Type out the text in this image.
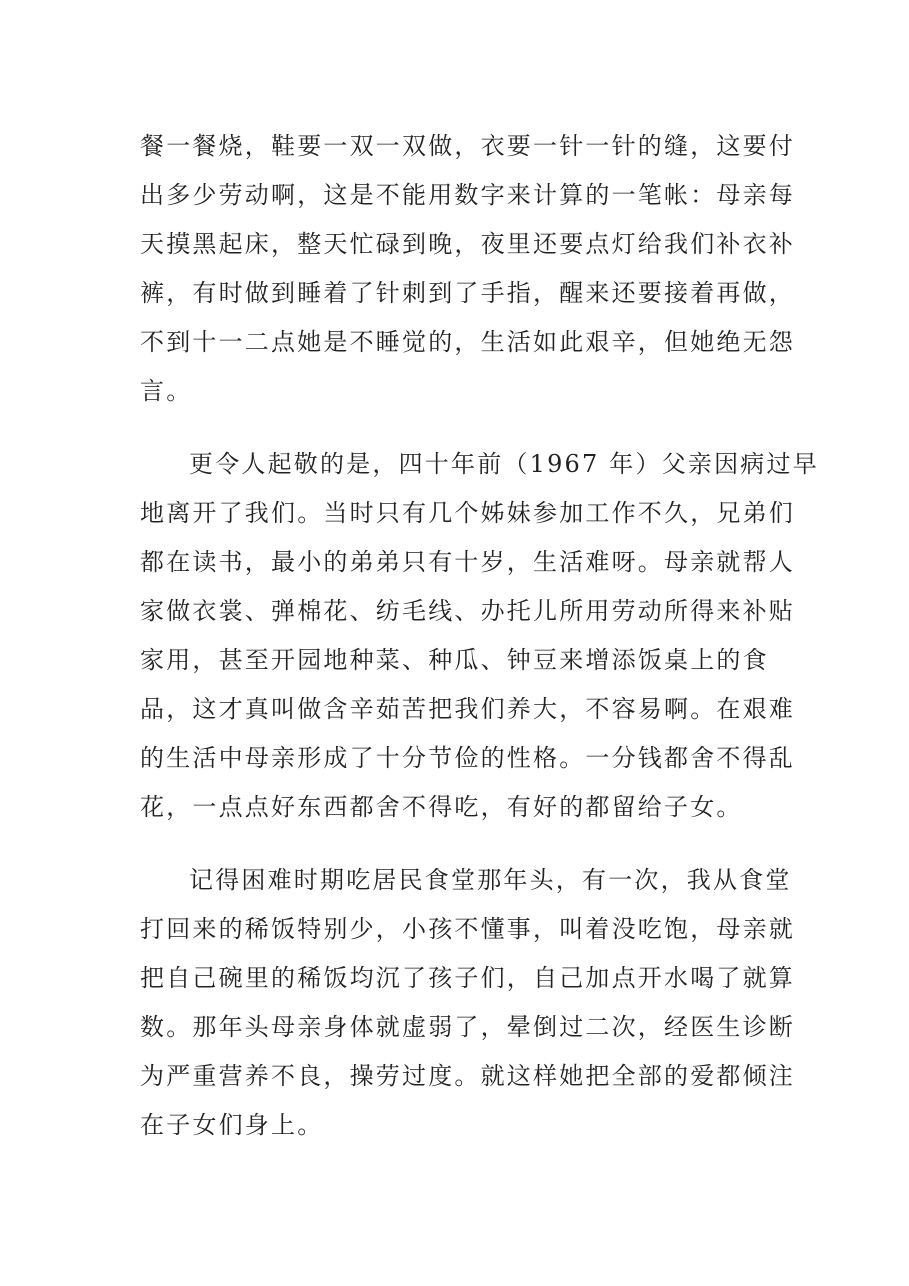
餐一餐烧，鞋要一双一双做，衣要一针一针的缝，这要付
出多少劳动啊，这是不能用数字来计算的一笔帐：母亲每
天摸黑起床，整天忙碌到晚，夜里还要点灯给我们补衣补
裤，有时做到睡着了针刺到了手指，醒来还要接着再做，
不到十一二点她是不睡觉的，生活如此艰辛，但她绝无怨
言。
更令人起敬的是，四十年前（1967 年）父亲因病过早
地离开了我们。当时只有几个姊妹参加工作不久，兄弟们
都在读书，最小的弟弟只有十岁，生活难呀。母亲就帮人
家做衣裳、弹棉花、纺毛线、办托儿所用劳动所得来补贴
家用，甚至开园地种菜、种瓜、钟豆来增添饭桌上的食
品，这才真叫做含辛茹苦把我们养大，不容易啊。在艰难
的生活中母亲形成了十分节俭的性格。一分钱都舍不得乱
花，一点点好东西都舍不得吃，有好的都留给子女。
记得困难时期吃居民食堂那年头，有一次，我从食堂
打回来的稀饭特别少，小孩不懂事，叫着没吃饱，母亲就
把自己碗里的稀饭均沉了孩子们，自己加点开水喝了就算
数。那年头母亲身体就虚弱了，晕倒过二次，经医生诊断
为严重营养不良，操劳过度。就这样她把全部的爱都倾注
在子女们身上。
